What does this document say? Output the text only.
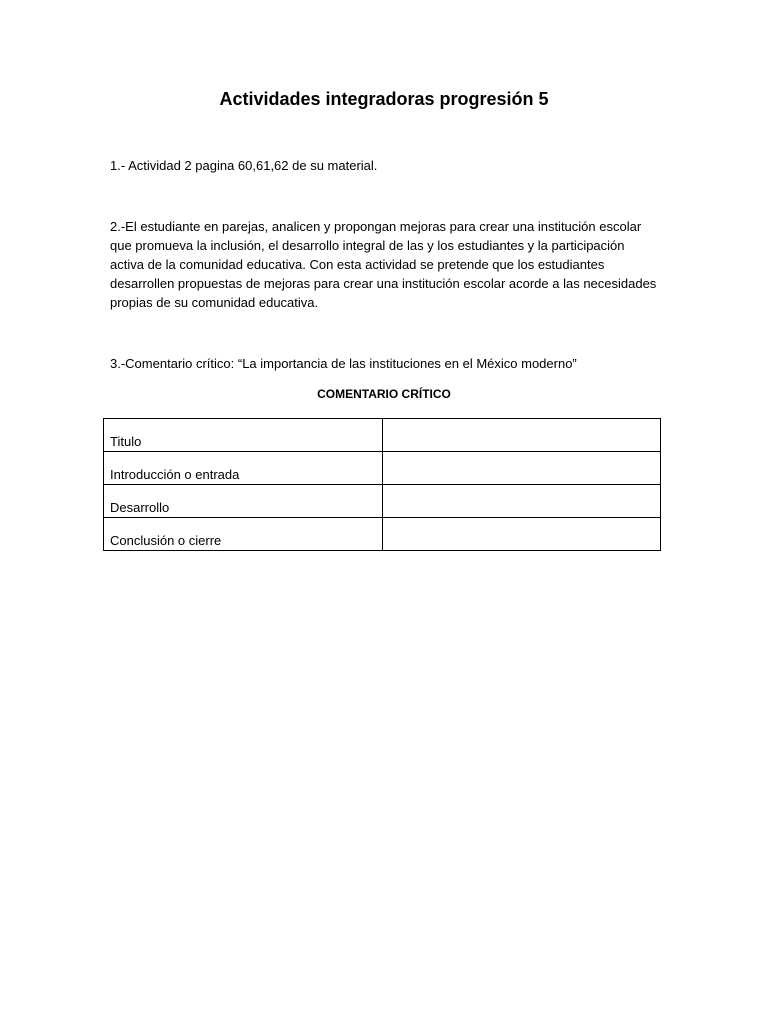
Actividades integradoras progresión 5
1.- Actividad 2 pagina 60,61,62 de su material.
2.-El estudiante en parejas, analicen y propongan mejoras para crear una institución escolar
que promueva la inclusión, el desarrollo integral de las y los estudiantes y la participación
activa de la comunidad educativa. Con esta actividad se pretende que los estudiantes
desarrollen propuestas de mejoras para crear una institución escolar acorde a las necesidades
propias de su comunidad educativa.
3.-Comentario crítico: “La importancia de las instituciones en el México moderno”
COMENTARIO CRÍTICO
Titulo	
Introducción o entrada	
Desarrollo	
Conclusión o cierre	
